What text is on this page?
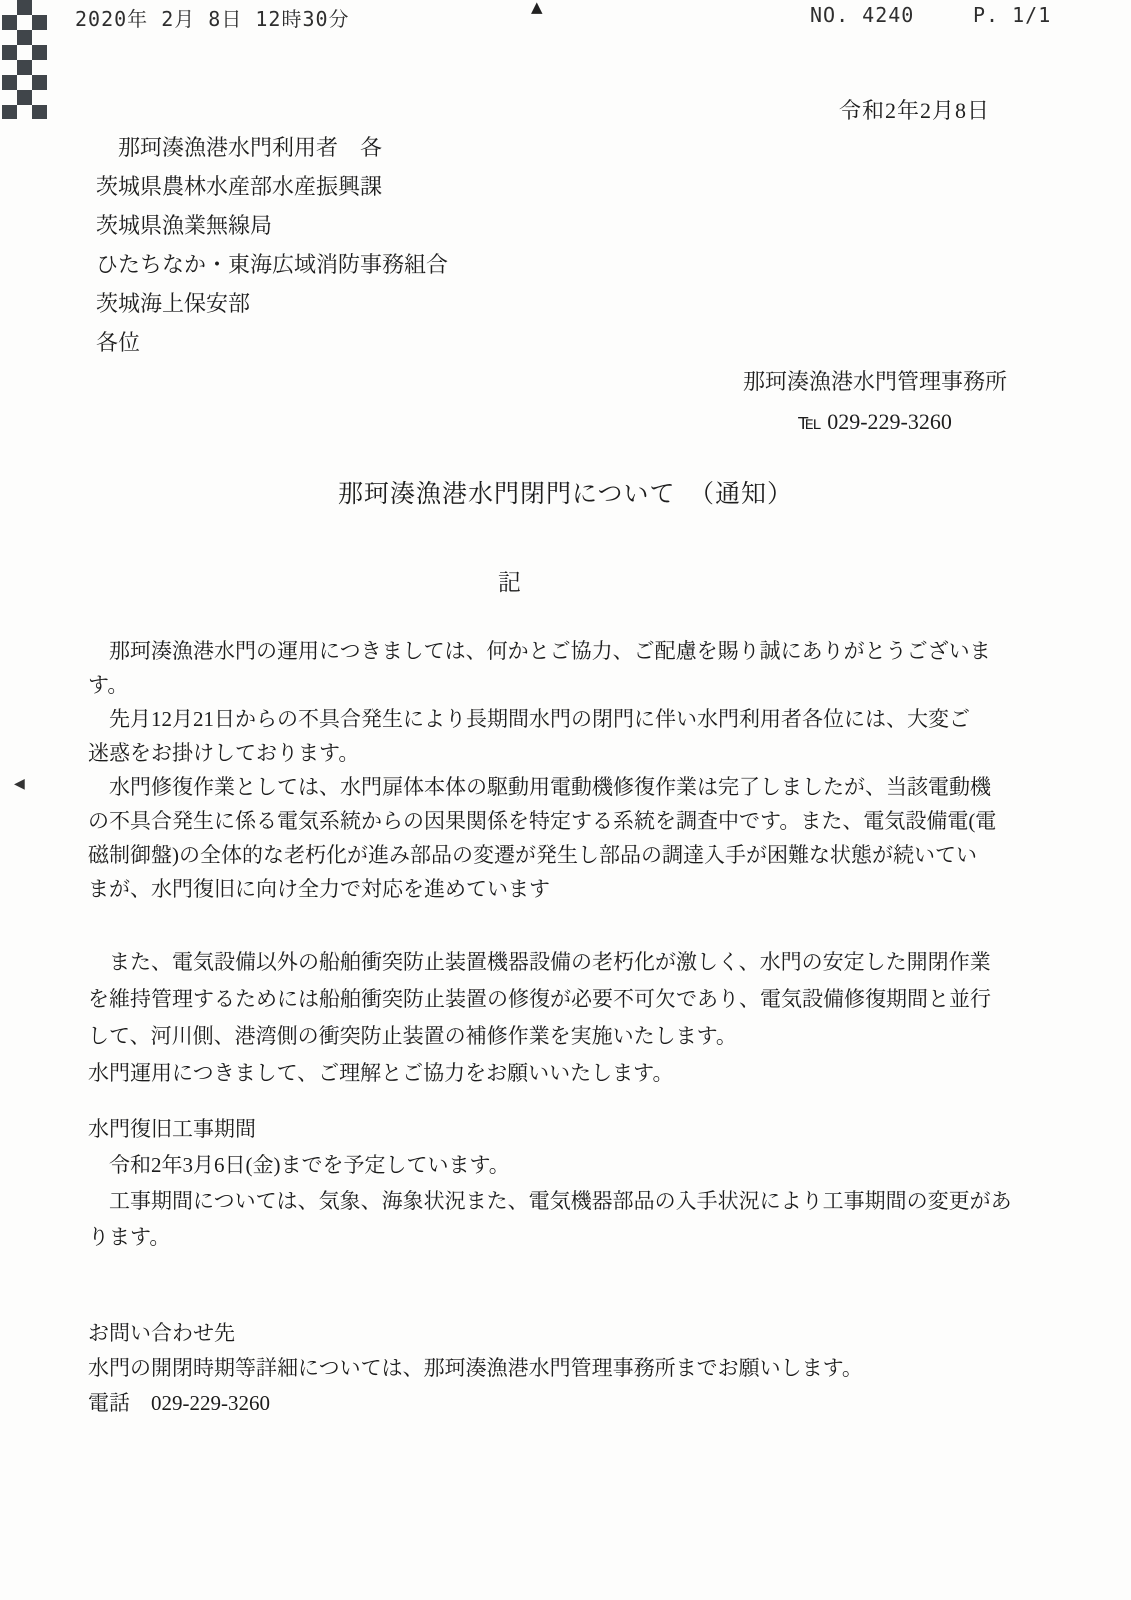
2020年 2月 8日 12時30分	▲	NO. 4240	P. 1/1
◀
令和2年2月8日
　那珂湊漁港水門利用者　各
茨城県農林水産部水産振興課
茨城県漁業無線局
ひたちなか・東海広域消防事務組合
茨城海上保安部
各位
那珂湊漁港水門管理事務所
℡ 029-229-3260
那珂湊漁港水門閉門について　（通知）
記
　那珂湊漁港水門の運用につきましては、何かとご協力、ご配慮を賜り誠にありがとうございま
す。
　先月12月21日からの不具合発生により長期間水門の閉門に伴い水門利用者各位には、大変ご
迷惑をお掛けしております。
　水門修復作業としては、水門扉体本体の駆動用電動機修復作業は完了しましたが、当該電動機
の不具合発生に係る電気系統からの因果関係を特定する系統を調査中です。また、電気設備電(電
磁制御盤)の全体的な老朽化が進み部品の変遷が発生し部品の調達入手が困難な状態が続いてい
まが、水門復旧に向け全力で対応を進めています
　また、電気設備以外の船舶衝突防止装置機器設備の老朽化が激しく、水門の安定した開閉作業
を維持管理するためには船舶衝突防止装置の修復が必要不可欠であり、電気設備修復期間と並行
して、河川側、港湾側の衝突防止装置の補修作業を実施いたします。
水門運用につきまして、ご理解とご協力をお願いいたします。
水門復旧工事期間
　令和2年3月6日(金)までを予定しています。
　工事期間については、気象、海象状況また、電気機器部品の入手状況により工事期間の変更があ
ります。
お問い合わせ先
水門の開閉時期等詳細については、那珂湊漁港水門管理事務所までお願いします。
電話　029-229-3260
